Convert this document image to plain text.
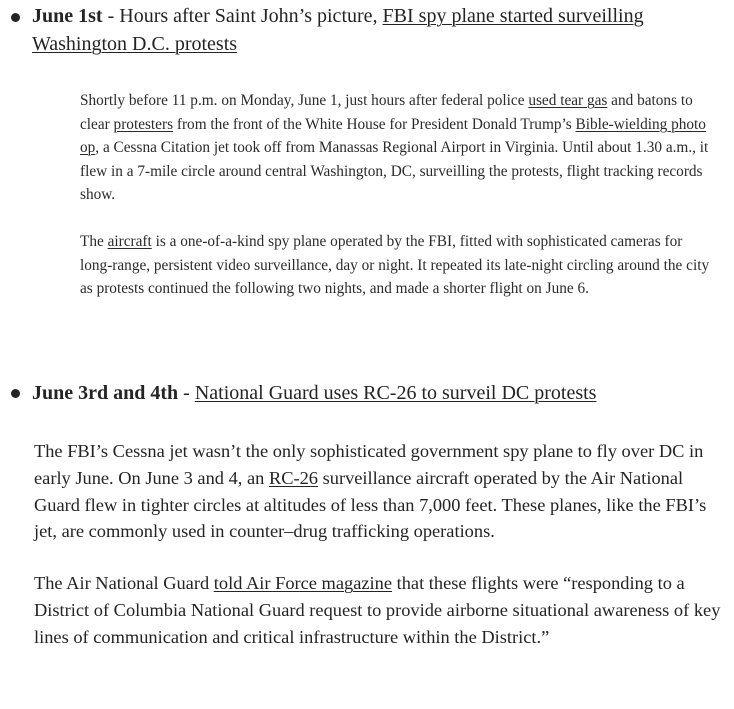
June 1st - Hours after Saint John’s picture, FBI spy plane started surveilling Washington D.C. protests

Shortly before 11 p.m. on Monday, June 1, just hours after federal police used tear gas and batons to clear protesters from the front of the White House for President Donald Trump’s Bible-wielding photo op, a Cessna Citation jet took off from Manassas Regional Airport in Virginia. Until about 1.30 a.m., it flew in a 7-mile circle around central Washington, DC, surveilling the protests, flight tracking records show.

The aircraft is a one-of-a-kind spy plane operated by the FBI, fitted with sophisticated cameras for long-range, persistent video surveillance, day or night. It repeated its late-night circling around the city as protests continued the following two nights, and made a shorter flight on June 6.

June 3rd and 4th - National Guard uses RC-26 to surveil DC protests

The FBI’s Cessna jet wasn’t the only sophisticated government spy plane to fly over DC in early June. On June 3 and 4, an RC-26 surveillance aircraft operated by the Air National Guard flew in tighter circles at altitudes of less than 7,000 feet. These planes, like the FBI’s jet, are commonly used in counter–drug trafficking operations.

The Air National Guard told Air Force magazine that these flights were “responding to a District of Columbia National Guard request to provide airborne situational awareness of key lines of communication and critical infrastructure within the District.”
